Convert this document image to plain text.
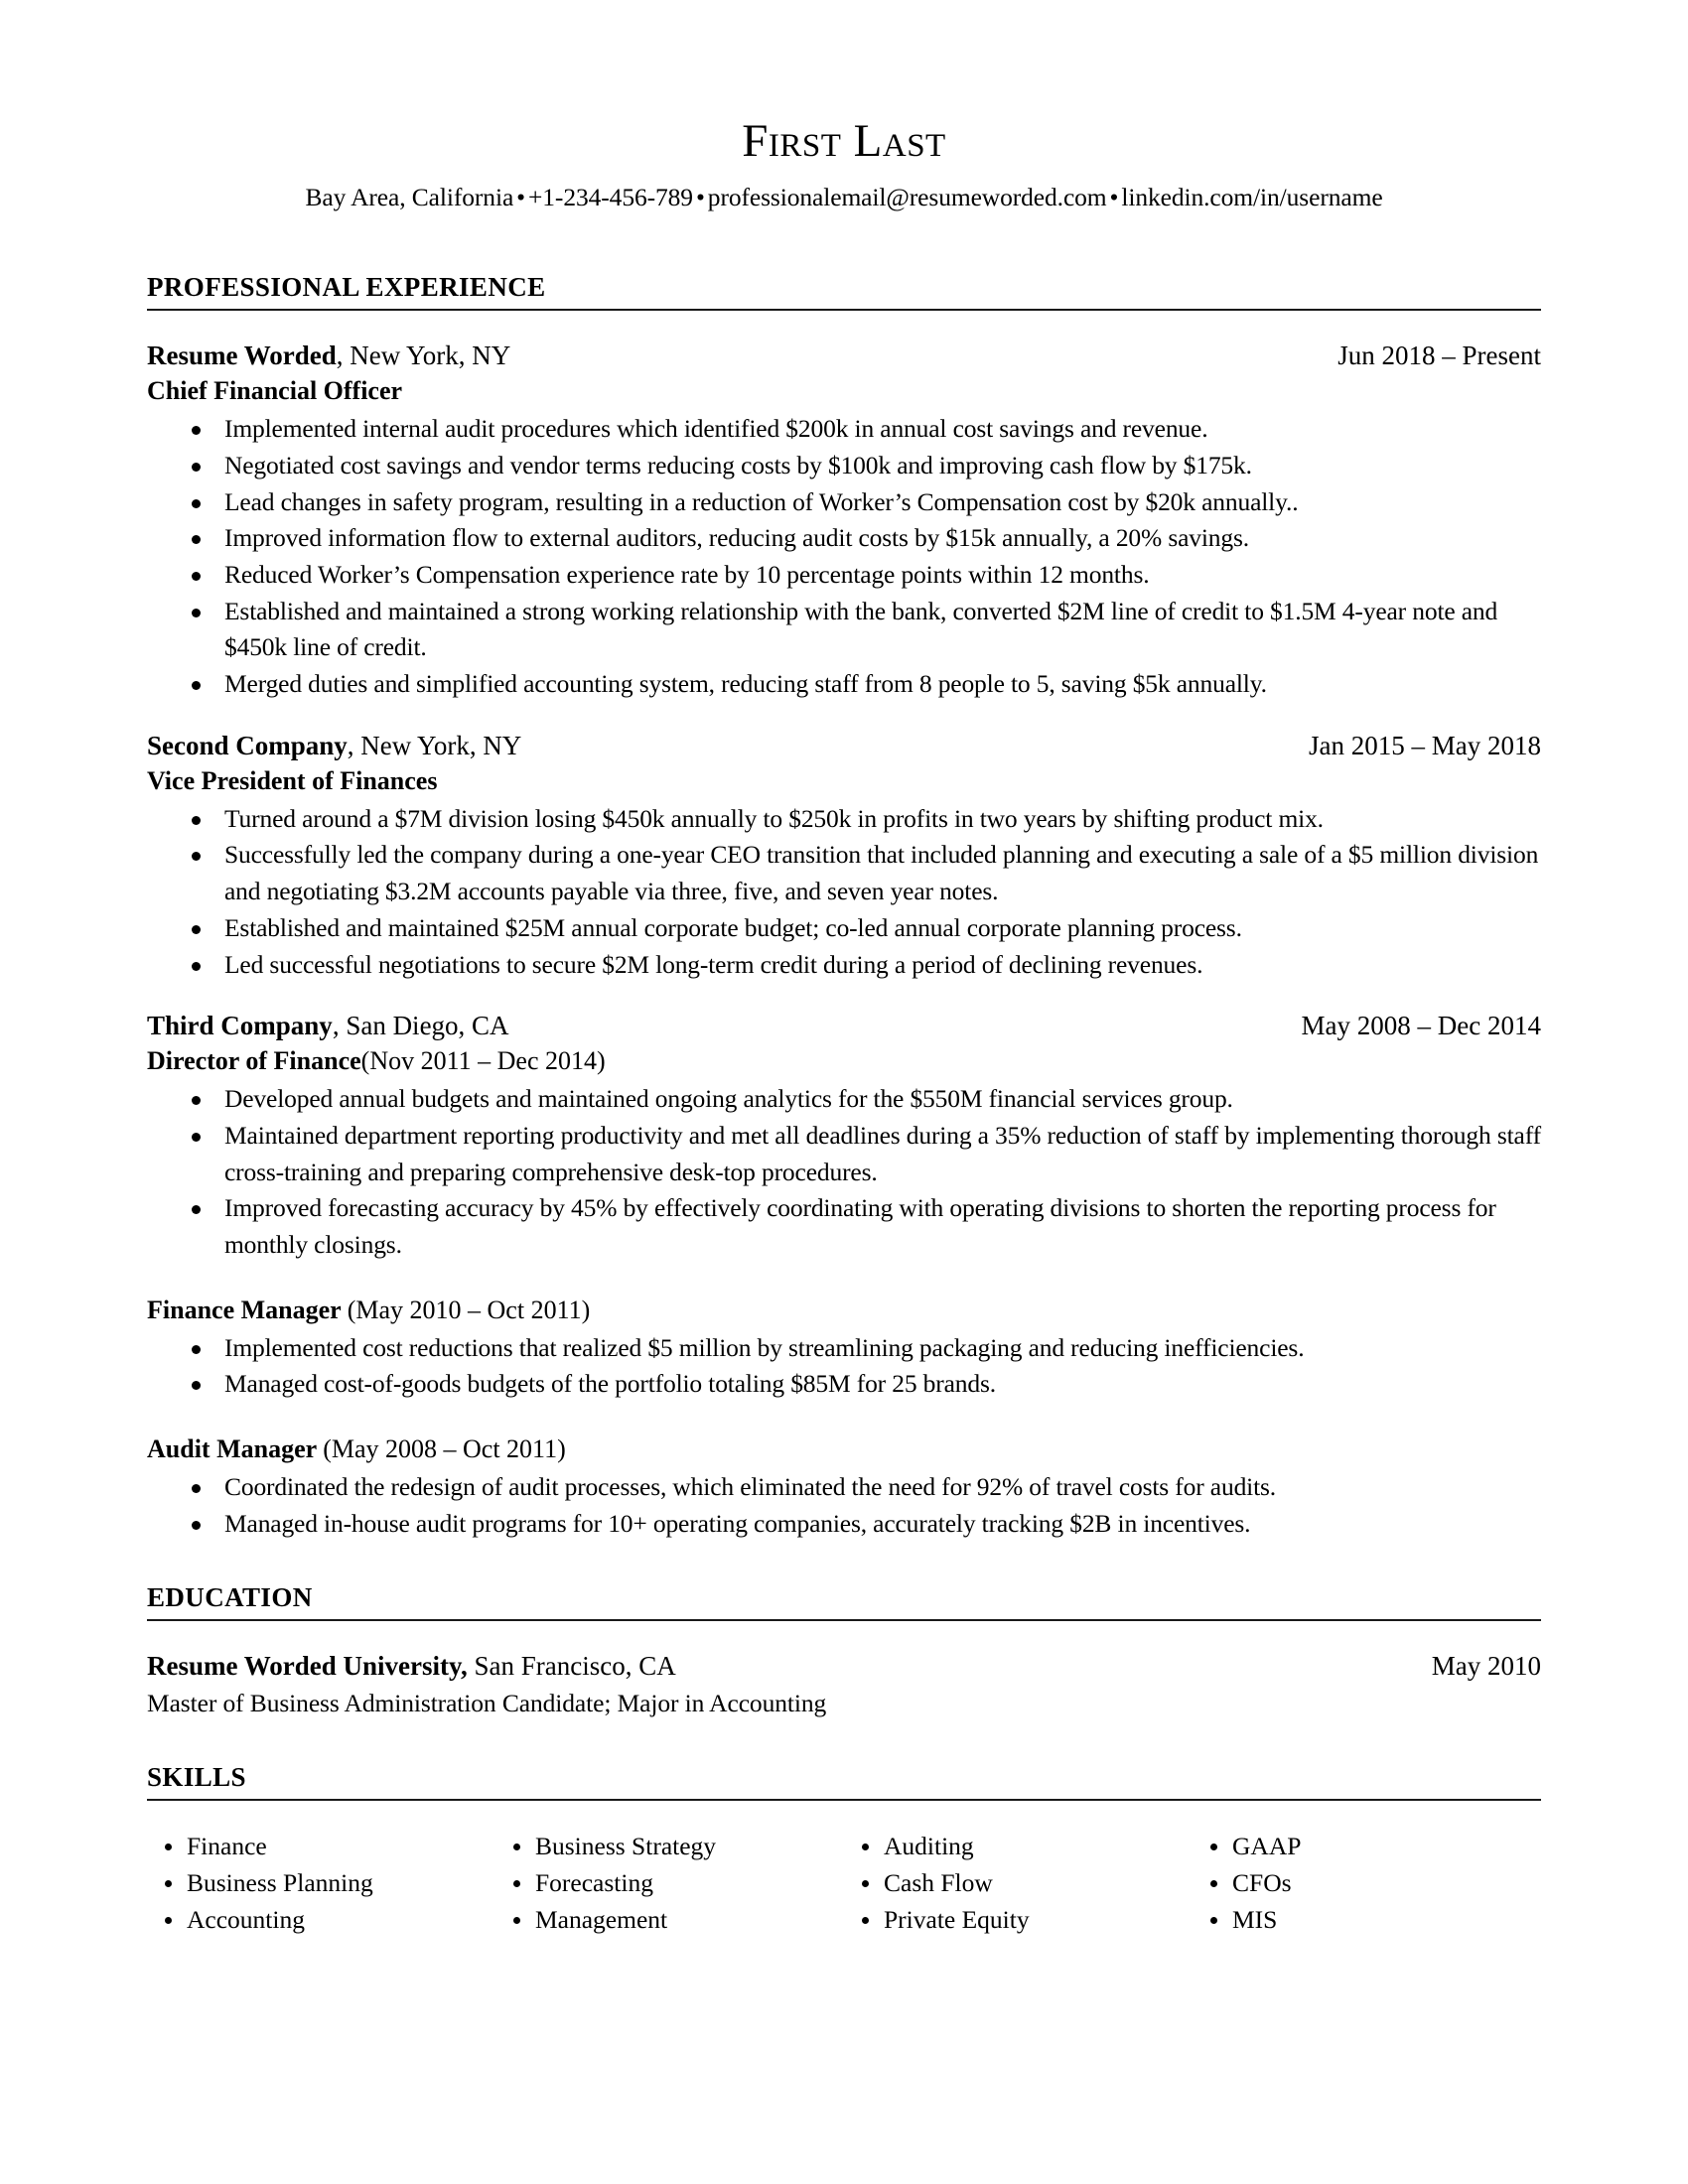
First Last
Bay Area, California • +1-234-456-789 • professionalemail@resumeworded.com • linkedin.com/in/username
PROFESSIONAL EXPERIENCE
Resume Worded, New York, NY	Jun 2018 – Present
Chief Financial Officer
Implemented internal audit procedures which identified $200k in annual cost savings and revenue.
Negotiated cost savings and vendor terms reducing costs by $100k and improving cash flow by $175k.
Lead changes in safety program, resulting in a reduction of Worker’s Compensation cost by $20k annually..
Improved information flow to external auditors, reducing audit costs by $15k annually, a 20% savings.
Reduced Worker’s Compensation experience rate by 10 percentage points within 12 months.
Established and maintained a strong working relationship with the bank, converted $2M line of credit to $1.5M 4-year note and $450k line of credit.
Merged duties and simplified accounting system, reducing staff from 8 people to 5, saving $5k annually.
Second Company, New York, NY	Jan 2015 – May 2018
Vice President of Finances
Turned around a $7M division losing $450k annually to $250k in profits in two years by shifting product mix.
Successfully led the company during a one-year CEO transition that included planning and executing a sale of a $5 million division and negotiating $3.2M accounts payable via three, five, and seven year notes.
Established and maintained $25M annual corporate budget; co-led annual corporate planning process.
Led successful negotiations to secure $2M long-term credit during a period of declining revenues.
Third Company, San Diego, CA	May 2008 – Dec 2014
Director of Finance(Nov 2011 – Dec 2014)
Developed annual budgets and maintained ongoing analytics for the $550M financial services group.
Maintained department reporting productivity and met all deadlines during a 35% reduction of staff by implementing thorough staff cross-training and preparing comprehensive desk-top procedures.
Improved forecasting accuracy by 45% by effectively coordinating with operating divisions to shorten the reporting process for monthly closings.
Finance Manager (May 2010 – Oct 2011)
Implemented cost reductions that realized $5 million by streamlining packaging and reducing inefficiencies.
Managed cost-of-goods budgets of the portfolio totaling $85M for 25 brands.
Audit Manager (May 2008 – Oct 2011)
Coordinated the redesign of audit processes, which eliminated the need for 92% of travel costs for audits.
Managed in-house audit programs for 10+ operating companies, accurately tracking $2B in incentives.
EDUCATION
Resume Worded University, San Francisco, CA	May 2010
Master of Business Administration Candidate; Major in Accounting
SKILLS
Finance
Business Planning
Accounting
Business Strategy
Forecasting
Management
Auditing
Cash Flow
Private Equity
GAAP
CFOs
MIS
